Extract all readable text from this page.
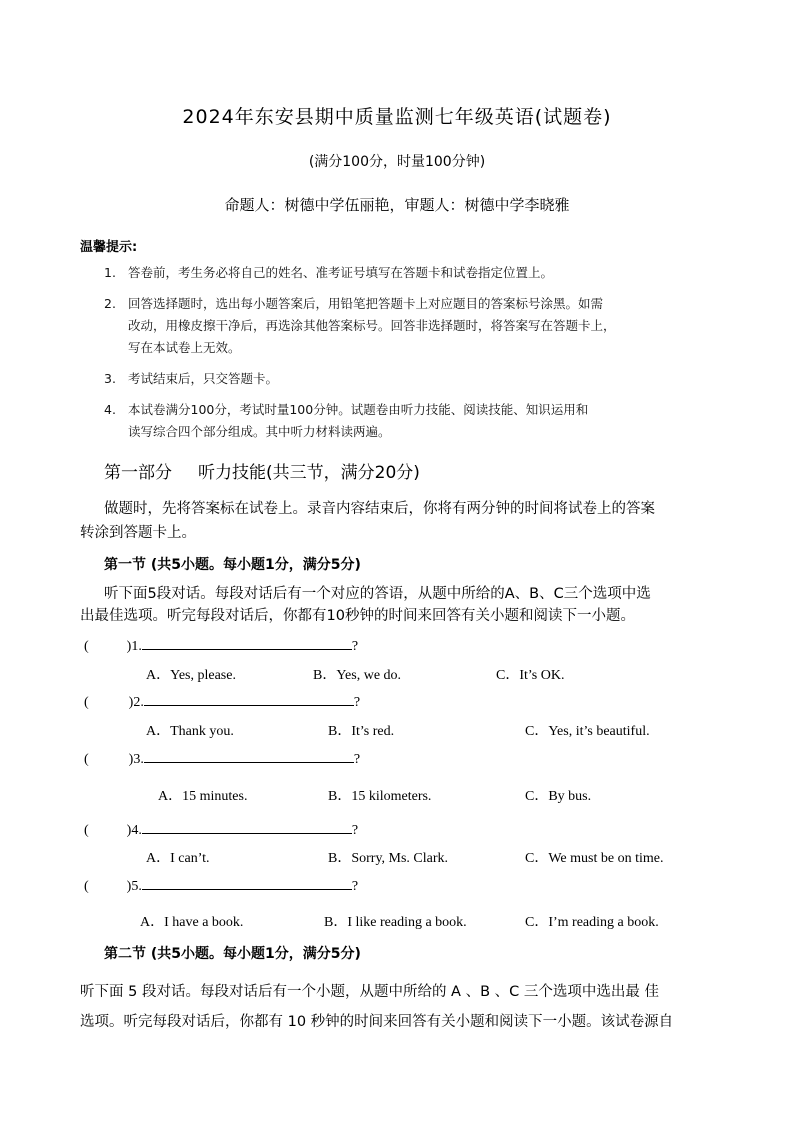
2024年东安县期中质量监测七年级英语(试题卷)
(满分100分，时量100分钟)
命题人：树德中学伍丽艳，审题人：树德中学李晓雅
温馨提示:
1. 答卷前，考生务必将自己的姓名、准考证号填写在答题卡和试卷指定位置上。
2. 回答选择题时，选出每小题答案后，用铅笔把答题卡上对应题目的答案标号涂黑。如需
改动，用橡皮擦干净后，再选涂其他答案标号。回答非选择题时，将答案写在答题卡上，
写在本试卷上无效。
3. 考试结束后，只交答题卡。
4. 本试卷满分100分，考试时量100分钟。试题卷由听力技能、阅读技能、知识运用和
读写综合四个部分组成。其中听力材料读两遍。
第一部分 听力技能(共三节，满分20分)
做题时，先将答案标在试卷上。录音内容结束后，你将有两分钟的时间将试卷上的答案
转涂到答题卡上。
第一节 (共5小题。每小题1分，满分5分)
听下面5段对话。每段对话后有一个对应的答语，从题中所给的A、B、C三个选项中选
出最佳选项。听完每段对话后，你都有10秒钟的时间来回答有关小题和阅读下一小题。
(	)1.	?
A．Yes, please.	B．Yes, we do.	C．It’s OK.
(	)2.	?
A．Thank you.	B．It’s red.	C．Yes, it’s beautiful.
(	)3.	?
A．15 minutes.	B．15 kilometers.	C．By bus.
(	)4.	?
A．I can’t.	B．Sorry, Ms. Clark.	C．We must be on time.
(	)5.	?
A．I have a book.	B．I like reading a book.	C．I’m reading a book.
第二节 (共5小题。每小题1分，满分5分)
听下面 5 段对话。每段对话后有一个小题，从题中所给的 A 、B 、C 三个选项中选出最 佳
选项。听完每段对话后，你都有 10 秒钟的时间来回答有关小题和阅读下一小题。该试卷源自
